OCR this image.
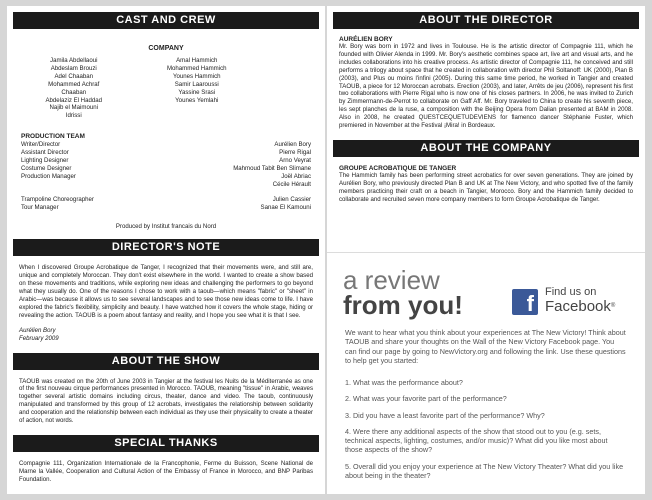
CAST AND CREW
COMPANY
Jamila Abdellaoui
Abdeslam Brouzi
Adel Chaaban
Mohammed Achraf Chaaban
Abdelaziz El Haddad
Najib el Maimouni Idrissi
Amal Hammich
Mohammed Hammich
Younes Hammich
Samir Laaroussi
Yassine Srasi
Younes Yemlahi
PRODUCTION TEAM
Writer/Director	Aurélien Bory
Assistant Director	Pierre Rigal
Lighting Designer	Arno Veyrat
Costume Designer	Mahmoud Tabit Ben Slimane
Production Manager	Joël Abriac
Cécile Hérault
Trampoline Choreographer	Julien Cassier
Tour Manager	Sanae El Kamouni
Produced by Institut francais du Nord
DIRECTOR'S NOTE
When I discovered Groupe Acrobatique de Tanger, I recognized that their movements were, and still are, unique and completely Moroccan. They don't exist elsewhere in the world. I wanted to create a show based on these movements and traditions, while exploring new ideas and challenging the performers to go beyond what they usually do. One of the reasons I chose to work with a taoub—which means "fabric" or "sheet" in Arabic—was because it allows us to see several landscapes and to see those new ideas come to life. I have explored the fabric's flexibility, simplicity and beauty. I have watched how it covers the whole stage, hiding or revealing the action. TAOUB is a poem about fantasy and reality, and I hope you see what it is that I see.
Aurélien Bory
February 2009
ABOUT THE SHOW
TAOUB was created on the 20th of June 2003 in Tangier at the festival les Nuits de la Méditerranée as one of the first nouveau cirque performances presented in Morocco. TAOUB, meaning "tissue" in Arabic, weaves together several artistic domains including circus, theater, dance and video. The taoub, continuously manipulated and transformed by this group of 12 acrobats, investigates the relationship between solidarity and cooperation and the relationship between each individual as they use their physicality to create a theater of action, not words.
SPECIAL THANKS
Compagnie 111, Organization Internationale de la Francophonie, Ferme du Buisson, Scene National de Marne la Vallée, Cooperation and Cultural Action of the Embassy of France in Morocco, and BNP Paribas Foundation.
ABOUT THE DIRECTOR
AURÉLIEN BORY
Mr. Bory was born in 1972 and lives in Toulouse. He is the artistic director of Compagnie 111, which he founded with Olivier Alenda in 1999. Mr. Bory's aesthetic combines space art, live art and visual arts, and he includes collaborations into his creative process. As artistic director of Compagnie 111, he conceived and still performs a trilogy about space that he created in collaboration with director Phil Soltanoff: UK (2000), Plan B (2003), and Plus ou moins l'infini (2005). During this same time period, he worked in Tangier and created TAOUB, a piece for 12 Moroccan acrobats. Erection (2003), and later, Arrêts de jeu (2006), represent his first two collaborations with Pierre Rigal who is now one of his closes partners. In 2006, he was invited to Zurich by Zimmermann-de-Perrot to collaborate on Gaff Aff. Mr. Bory traveled to China to create his seventh piece, les sept planches de la ruse, a composition with the Beijing Opera from Dalian presented at BAM in 2008. Also in 2008, he created QUESTCEQUETUDEVIENS for flamenco dancer Stéphanie Fuster, which premiered in November at the Festival ¡Mira! in Bordeaux.
ABOUT THE COMPANY
GROUPE ACROBATIQUE DE TANGER
The Hammich family has been performing street acrobatics for over seven generations. They are joined by Aurélien Bory, who previously directed Plan B and UK at The New Victory, and who spotted five of the family members practicing their craft on a beach in Tangier, Morocco. Bory and the Hammich family decided to collaborate and recruited seven more company members to form Groupe Acrobatique de Tanger.
a review
from you!	f	Find us on
Facebook®
We want to hear what you think about your experiences at The New Victory! Think about TAOUB and share your thoughts on the Wall of the New Victory Facebook page. You can find our page by going to NewVictory.org and following the link. Use these questions to help get you started:
1. What was the performance about?
2. What was your favorite part of the performance?
3. Did you have a least favorite part of the performance? Why?
4. Were there any additional aspects of the show that stood out to you (e.g. sets, technical aspects, lighting, costumes, and/or music)? What did you like most about those aspects of the show?
5. Overall did you enjoy your experience at The New Victory Theater? What did you like about being in the theater?
